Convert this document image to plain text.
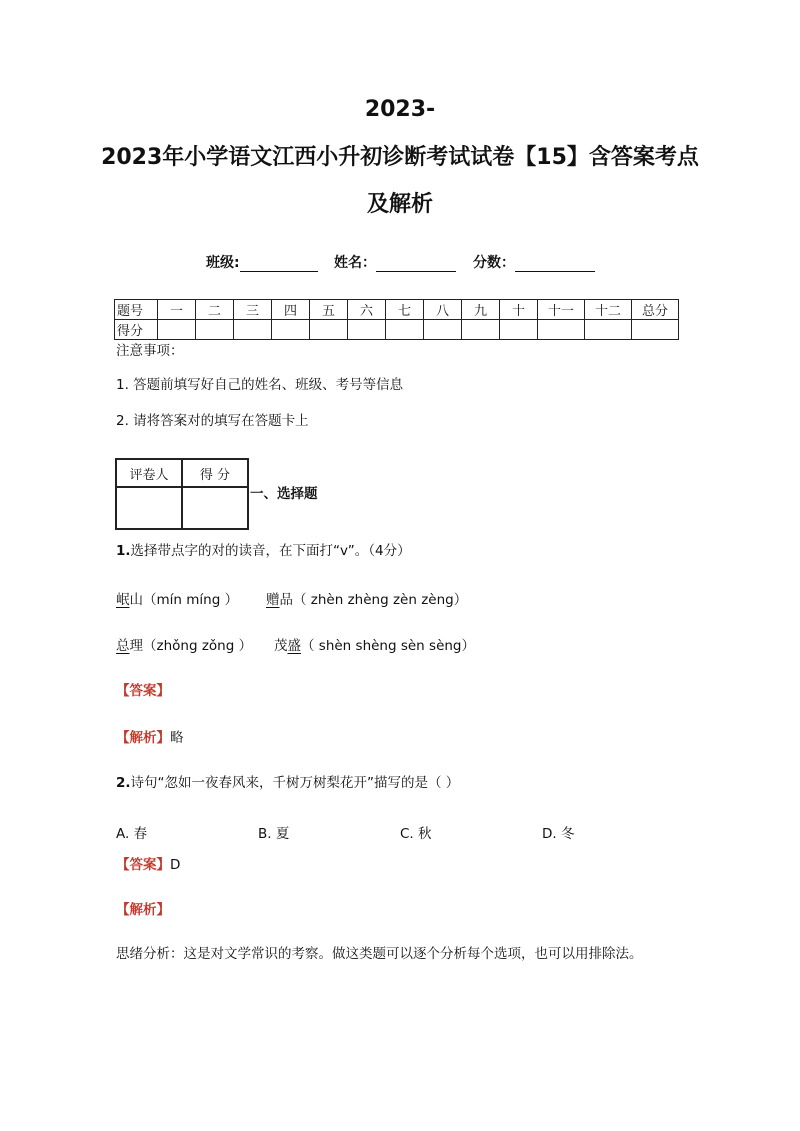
2023-
2023年小学语文江西小升初诊断考试试卷【15】含答案考点
及解析
班级:	姓名：	分数：
题号	一	二	三	四	五	六	七	八	九	十	十一	十二	总分
得分													
注意事项：
1. 答题前填写好自己的姓名、班级、考号等信息
2. 请将答案对的填写在答题卡上
评卷人	得 分

一、选择题
1.选择带点字的对的读音，在下面打“v”。（4分）
岷山（mín míng ） 赠品（ zhèn zhèng zèn zèng）
总理（zhǒng zǒng ） 茂盛（ shèn shèng sèn sèng）
【答案】
【解析】略
2.诗句“忽如一夜春风来，千树万树梨花开”描写的是（ ）
A. 春	B. 夏	C. 秋	D. 冬
【答案】D
【解析】
思绪分析：这是对文学常识的考察。做这类题可以逐个分析每个选项，也可以用排除法。
